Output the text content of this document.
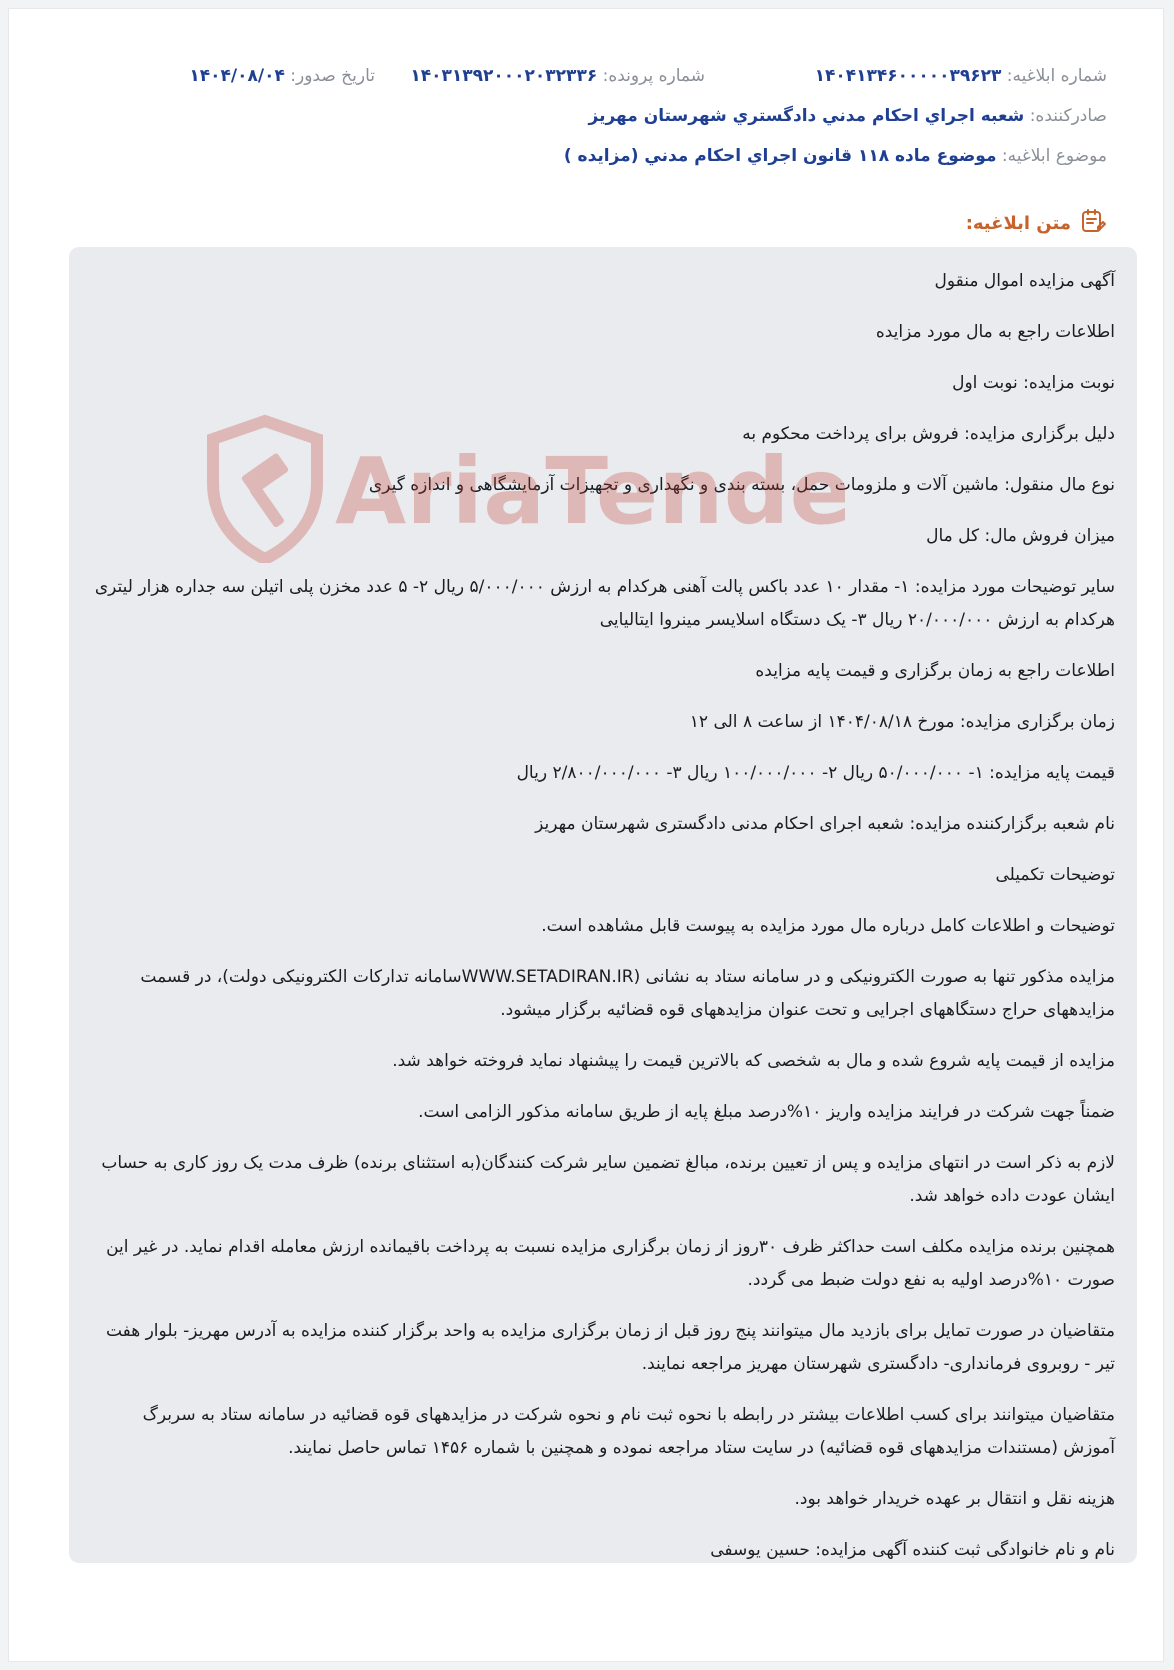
شماره ابلاغیه: ۱۴۰۴۱۳۴۶۰۰۰۰۰۳۹۶۲۳
شماره پرونده: ۱۴۰۳۱۳۹۲۰۰۰۲۰۳۲۳۳۶
تاریخ صدور: ۱۴۰۴/۰۸/۰۴
صادرکننده: شعبه اجراي احکام مدني دادگستري شهرستان مهريز
موضوع ابلاغیه: موضوع ماده ۱۱۸ قانون اجراي احکام مدني (مزايده )
متن ابلاغیه:

آگهی مزایده اموال منقول

اطلاعات راجع به مال مورد مزایده

نوبت مزایده: نوبت اول

دلیل برگزاری مزایده: فروش برای پرداخت محکوم به

نوع مال منقول: ماشین آلات و ملزومات حمل، بسته بندی و نگهداری و تجهیزات آزمایشگاهی و اندازه گیری

میزان فروش مال: کل مال

سایر توضیحات مورد مزایده: ۱- مقدار ۱۰ عدد باکس پالت آهنی هرکدام به ارزش ۵/۰۰۰/۰۰۰ ریال ۲- ۵ عدد مخزن پلی اتیلن سه جداره هزار لیتری هرکدام به ارزش ۲۰/۰۰۰/۰۰۰ ریال ۳- یک دستگاه اسلایسر مینروا ایتالیایی

اطلاعات راجع به زمان برگزاری و قیمت پایه مزایده

زمان برگزاری مزایده: مورخ ۱۴۰۴/۰۸/۱۸ از ساعت ۸ الی ۱۲

قیمت پایه مزایده: ۱- ۵۰/۰۰۰/۰۰۰ ریال ۲- ۱۰۰/۰۰۰/۰۰۰ ریال ۳- ۲/۸۰۰/۰۰۰/۰۰۰ ریال

نام شعبه برگزارکننده مزایده: شعبه اجرای احکام مدنی دادگستری شهرستان مهریز

توضیحات تکمیلی

توضیحات و اطلاعات کامل درباره مال مورد مزایده به پیوست قابل مشاهده است.

مزایده مذکور تنها به صورت الکترونیکی و در سامانه ستاد به نشانی (WWW.SETADIRAN.IRسامانه تدارکات الکترونیکی دولت)، در قسمت مزایدههای حراج دستگاههای اجرایی و تحت عنوان مزایدههای قوه قضائیه برگزار میشود.

مزایده از قیمت پایه شروع شده و مال به شخصی که بالاترین قیمت را پیشنهاد نماید فروخته خواهد شد.

ضمناً جهت شرکت در فرایند مزایده واریز ۱۰%درصد مبلغ پایه از طریق سامانه مذکور الزامی است.

لازم به ذکر است در انتهای مزایده و پس از تعیین برنده، مبالغ تضمین سایر شرکت کنندگان(به استثنای برنده) ظرف مدت یک روز کاری به حساب ایشان عودت داده خواهد شد.

همچنین برنده مزایده مکلف است حداکثر ظرف ۳۰روز از زمان برگزاری مزایده نسبت به پرداخت باقیمانده ارزش معامله اقدام نماید. در غیر این صورت ۱۰%درصد اولیه به نفع دولت ضبط می گردد.

متقاضیان در صورت تمایل برای بازدید مال میتوانند پنج روز قبل از زمان برگزاری مزایده به واحد برگزار کننده مزایده به آدرس مهریز- بلوار هفت تیر - روبروی فرمانداری- دادگستری شهرستان مهریز مراجعه نمایند.

متقاضیان میتوانند برای کسب اطلاعات بیشتر در رابطه با نحوه ثبت نام و نحوه شرکت در مزایدههای قوه قضائیه در سامانه ستاد به سربرگ آموزش (مستندات مزایدههای قوه قضائیه) در سایت ستاد مراجعه نموده و همچنین با شماره ۱۴۵۶ تماس حاصل نمایند.

هزینه نقل و انتقال بر عهده خریدار خواهد بود.

نام و نام خانوادگی ثبت کننده آگهی مزایده: حسین یوسفی

AriaTende
